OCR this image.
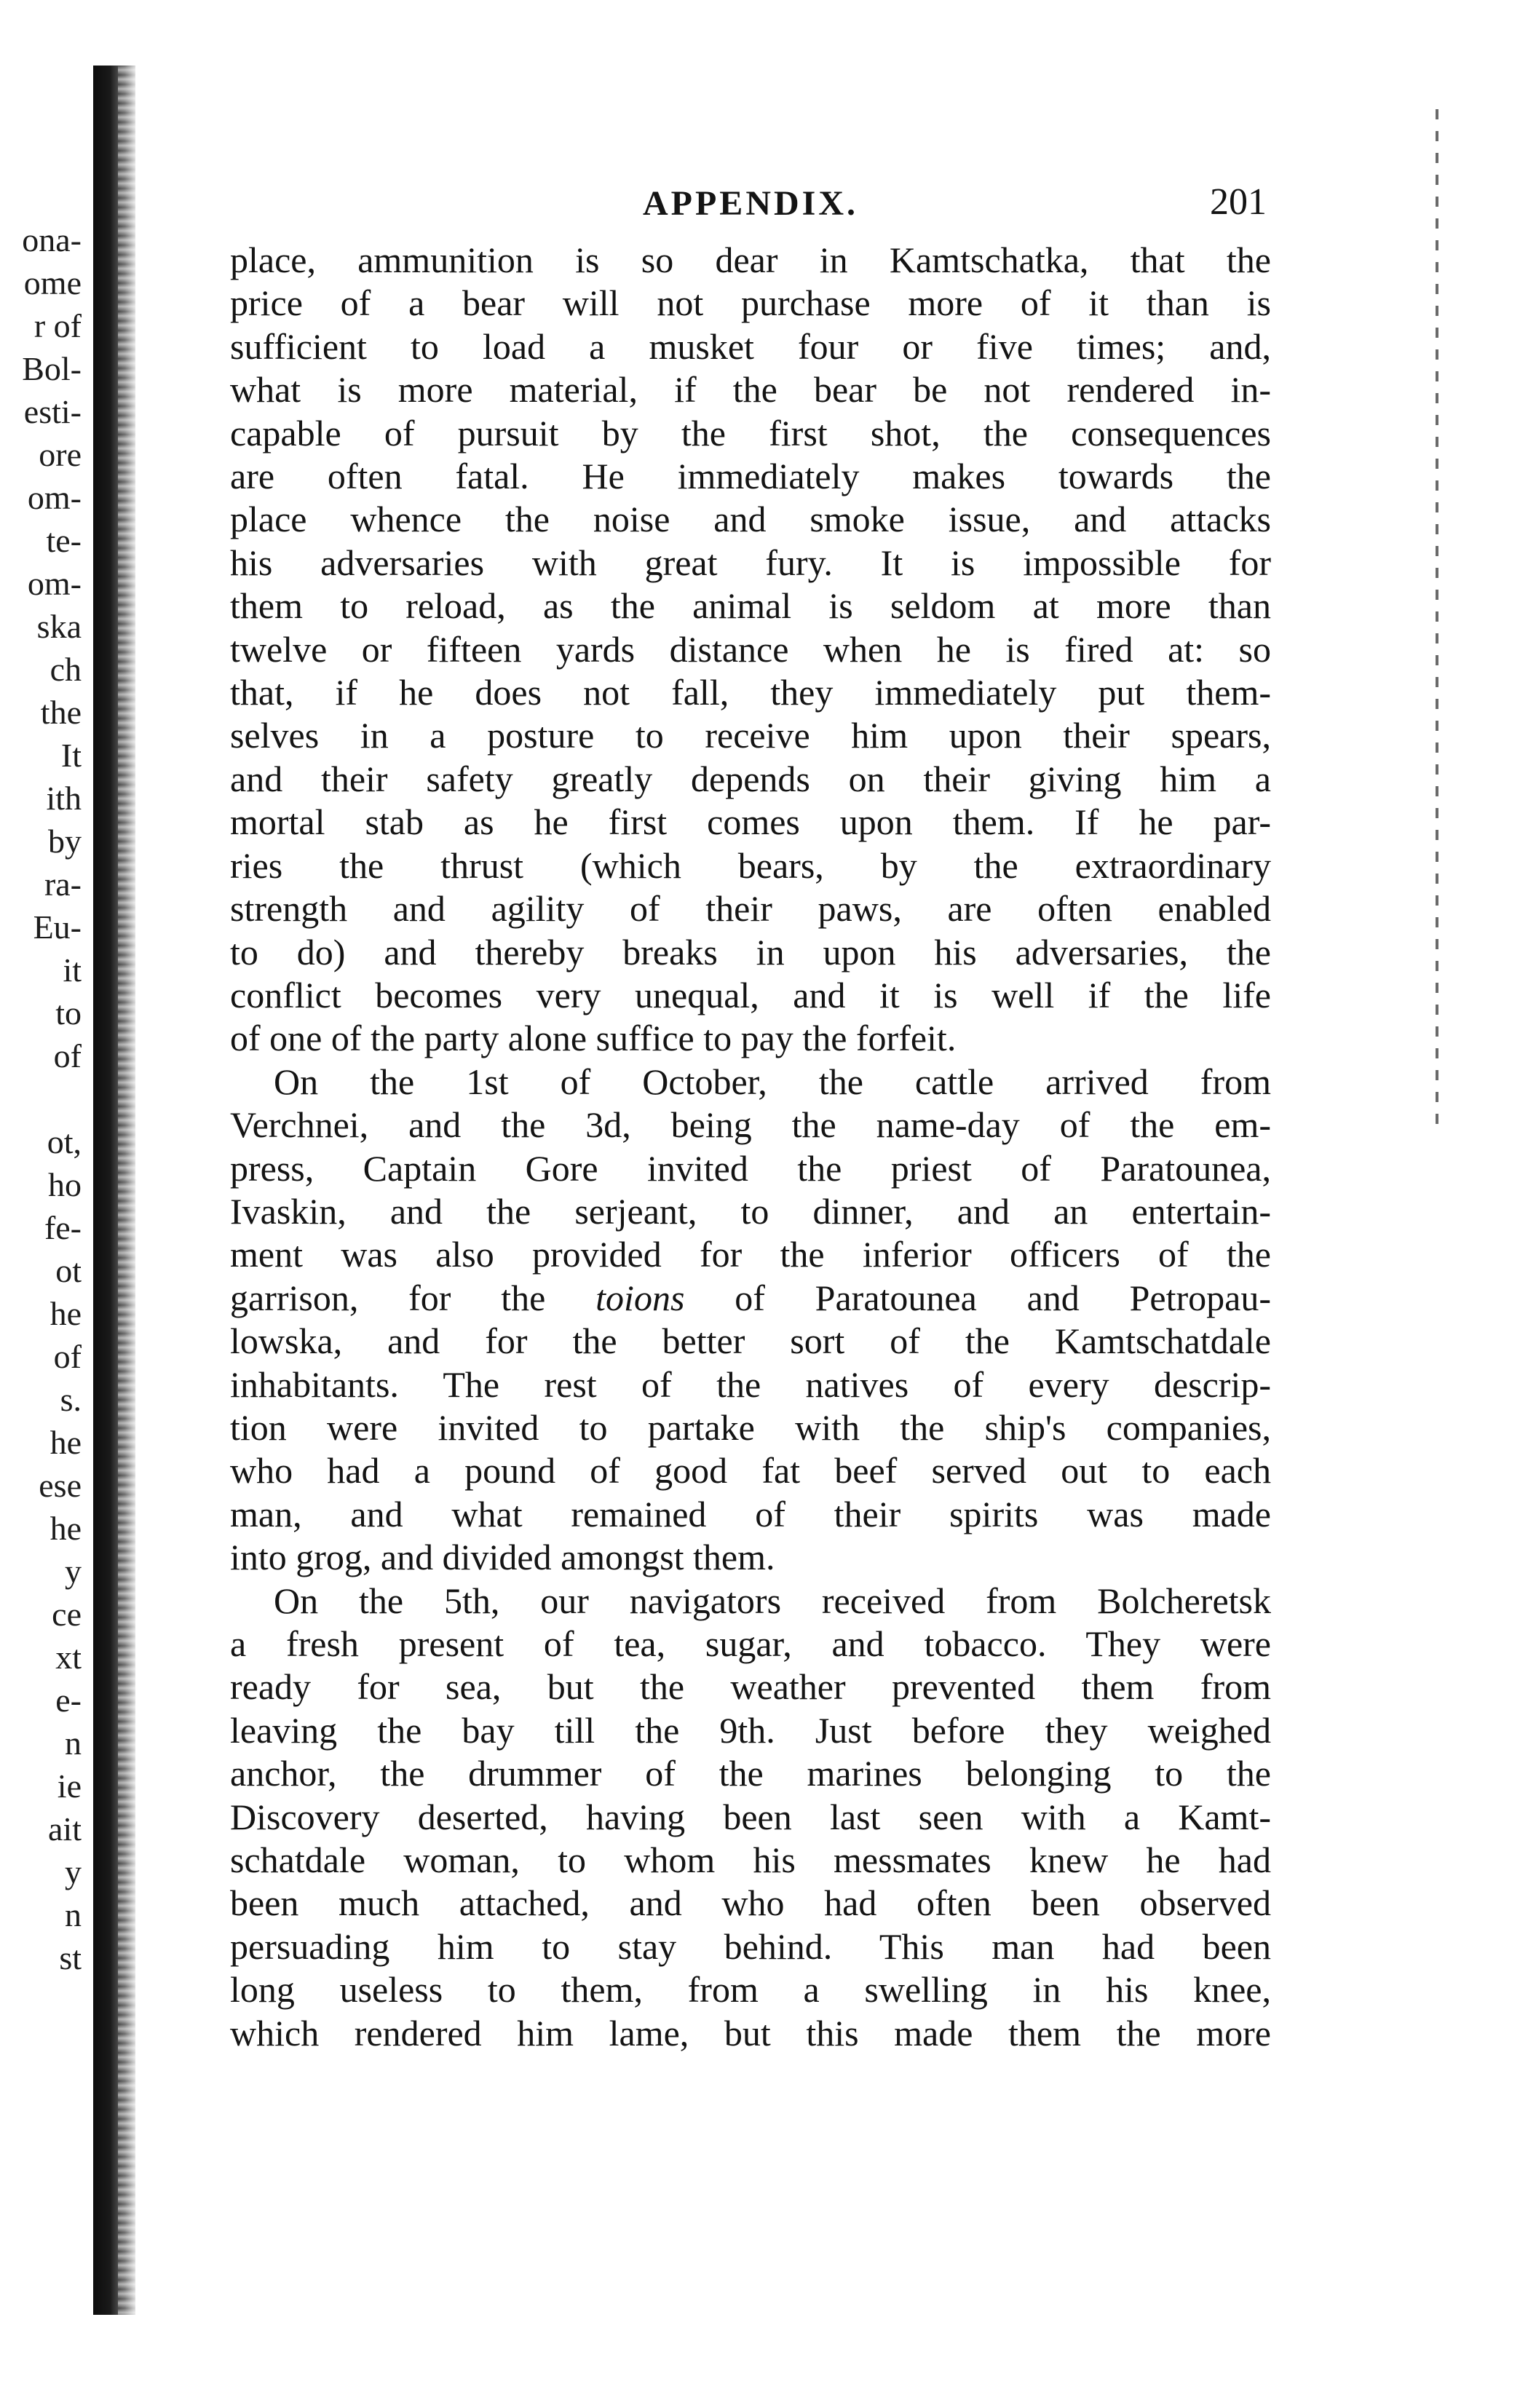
ona-
ome
r of
Bol-
esti-
ore
om-
te-
om-
ska
ch
the
It
ith
by
ra-
Eu-
it
to
of
ot,
ho
fe-
ot
he
of
s.
he
ese
he
y
ce
xt
e-
n
ie
ait
y
n
st
APPENDIX.	201

place, ammunition is so dear in Kamtschatka, that the

price of a bear will not purchase more of it than is

sufficient to load a musket four or five times; and,

what is more material, if the bear be not rendered in-

capable of pursuit by the first shot, the consequences

are often fatal. He immediately makes towards the

place whence the noise and smoke issue, and attacks

his adversaries with great fury. It is impossible for

them to reload, as the animal is seldom at more than

twelve or fifteen yards distance when he is fired at: so

that, if he does not fall, they immediately put them-

selves in a posture to receive him upon their spears,

and their safety greatly depends on their giving him a

mortal stab as he first comes upon them. If he par-

ries the thrust (which bears, by the extraordinary

strength and agility of their paws, are often enabled

to do) and thereby breaks in upon his adversaries, the

conflict becomes very unequal, and it is well if the life

of one of the party alone suffice to pay the forfeit.

On the 1st of October, the cattle arrived from

Verchnei, and the 3d, being the name-day of the em-

press, Captain Gore invited the priest of Paratounea,

Ivaskin, and the serjeant, to dinner, and an entertain-

ment was also provided for the inferior officers of the

garrison, for the toions of Paratounea and Petropau-

lowska, and for the better sort of the Kamtschatdale

inhabitants. The rest of the natives of every descrip-

tion were invited to partake with the ship's companies,

who had a pound of good fat beef served out to each

man, and what remained of their spirits was made

into grog, and divided amongst them.

On the 5th, our navigators received from Bolcheretsk

a fresh present of tea, sugar, and tobacco. They were

ready for sea, but the weather prevented them from

leaving the bay till the 9th. Just before they weighed

anchor, the drummer of the marines belonging to the

Discovery deserted, having been last seen with a Kamt-

schatdale woman, to whom his messmates knew he had

been much attached, and who had often been observed

persuading him to stay behind. This man had been

long useless to them, from a swelling in his knee,

which rendered him lame, but this made them the more
